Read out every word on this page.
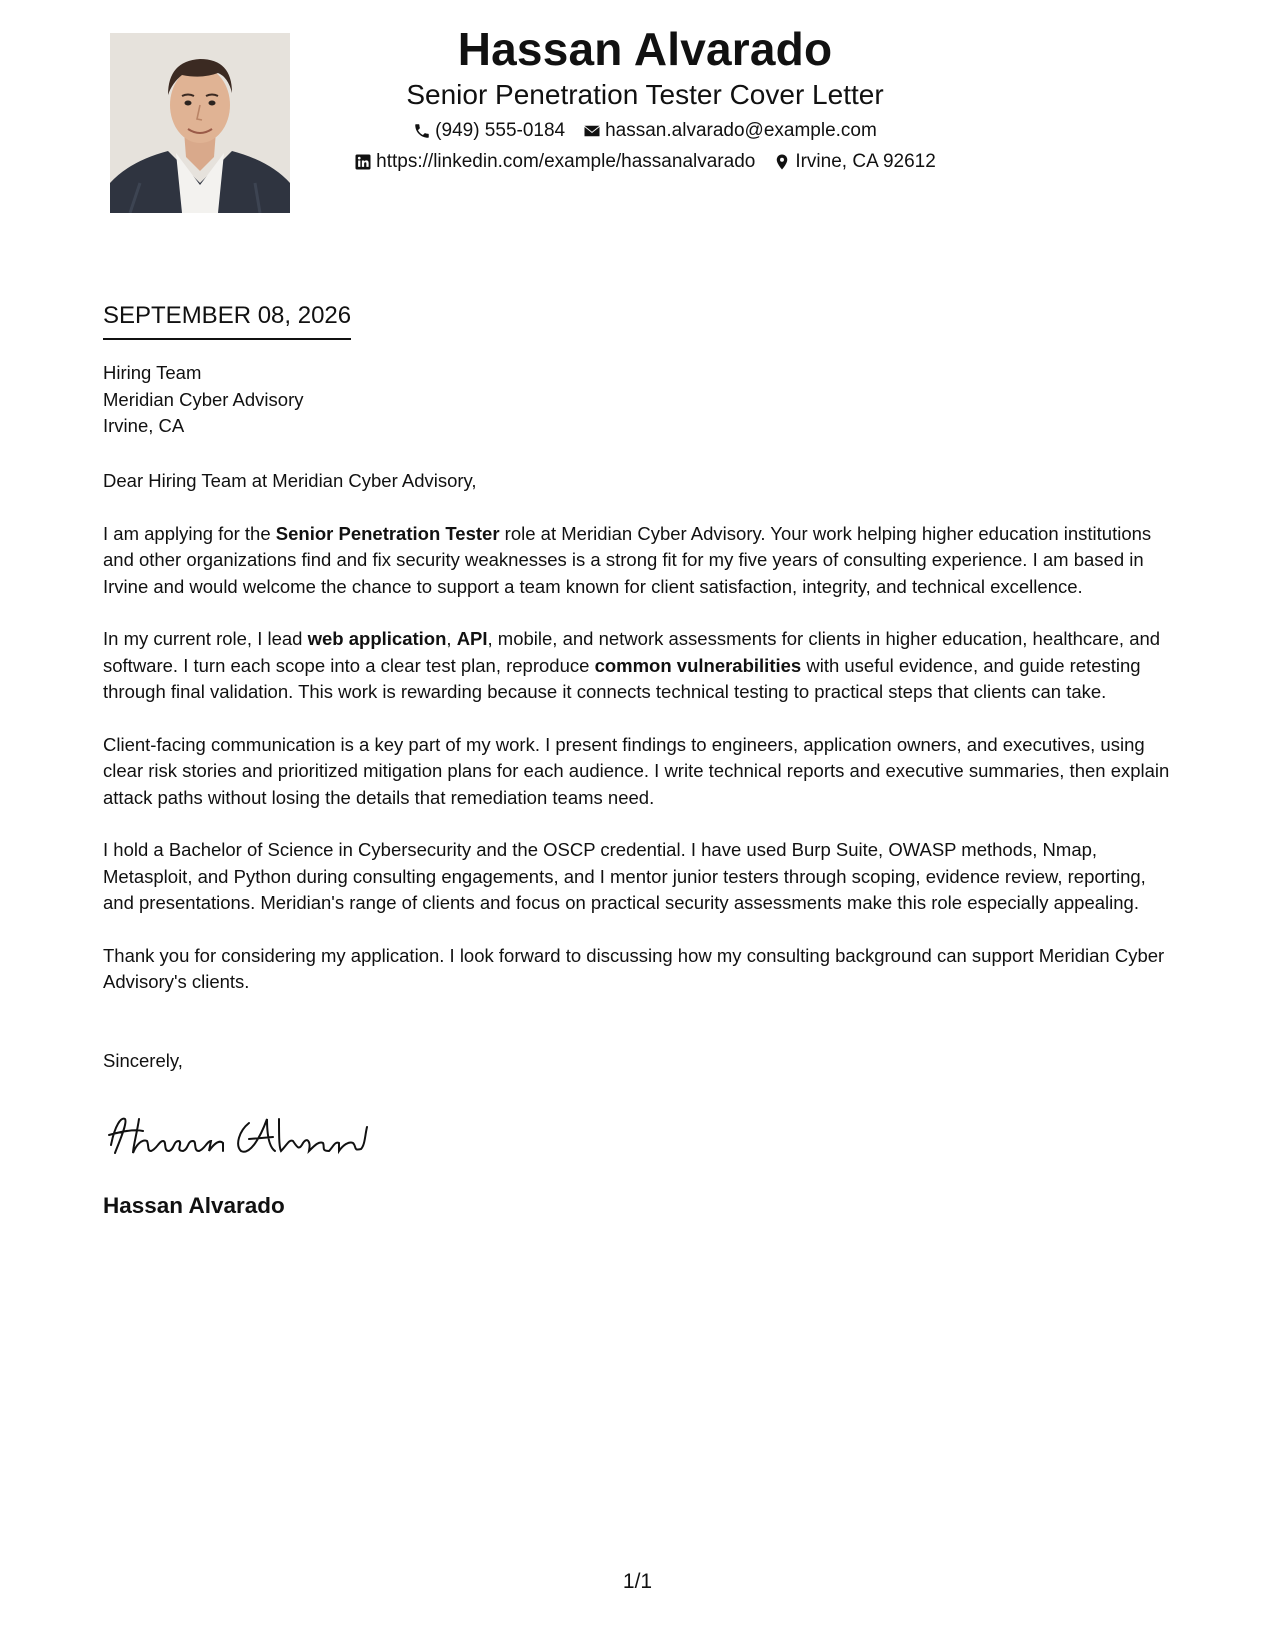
Hassan Alvarado
Senior Penetration Tester Cover Letter
(949) 555-0184 hassan.alvarado@example.com
https://linkedin.com/example/hassanalvarado Irvine, CA 92612
SEPTEMBER 08, 2026
Hiring Team
Meridian Cyber Advisory
Irvine, CA

Dear Hiring Team at Meridian Cyber Advisory,

I am applying for the Senior Penetration Tester role at Meridian Cyber Advisory. Your work helping higher education institutions and other organizations find and fix security weaknesses is a strong fit for my five years of consulting experience. I am based in Irvine and would welcome the chance to support a team known for client satisfaction, integrity, and technical excellence.

In my current role, I lead web application, API, mobile, and network assessments for clients in higher education, healthcare, and software. I turn each scope into a clear test plan, reproduce common vulnerabilities with useful evidence, and guide retesting through final validation. This work is rewarding because it connects technical testing to practical steps that clients can take.

Client-facing communication is a key part of my work. I present findings to engineers, application owners, and executives, using clear risk stories and prioritized mitigation plans for each audience. I write technical reports and executive summaries, then explain attack paths without losing the details that remediation teams need.

I hold a Bachelor of Science in Cybersecurity and the OSCP credential. I have used Burp Suite, OWASP methods, Nmap, Metasploit, and Python during consulting engagements, and I mentor junior testers through scoping, evidence review, reporting, and presentations. Meridian's range of clients and focus on practical security assessments make this role especially appealing.

Thank you for considering my application. I look forward to discussing how my consulting background can support Meridian Cyber Advisory's clients.

Sincerely,
Hassan Alvarado
1/1
